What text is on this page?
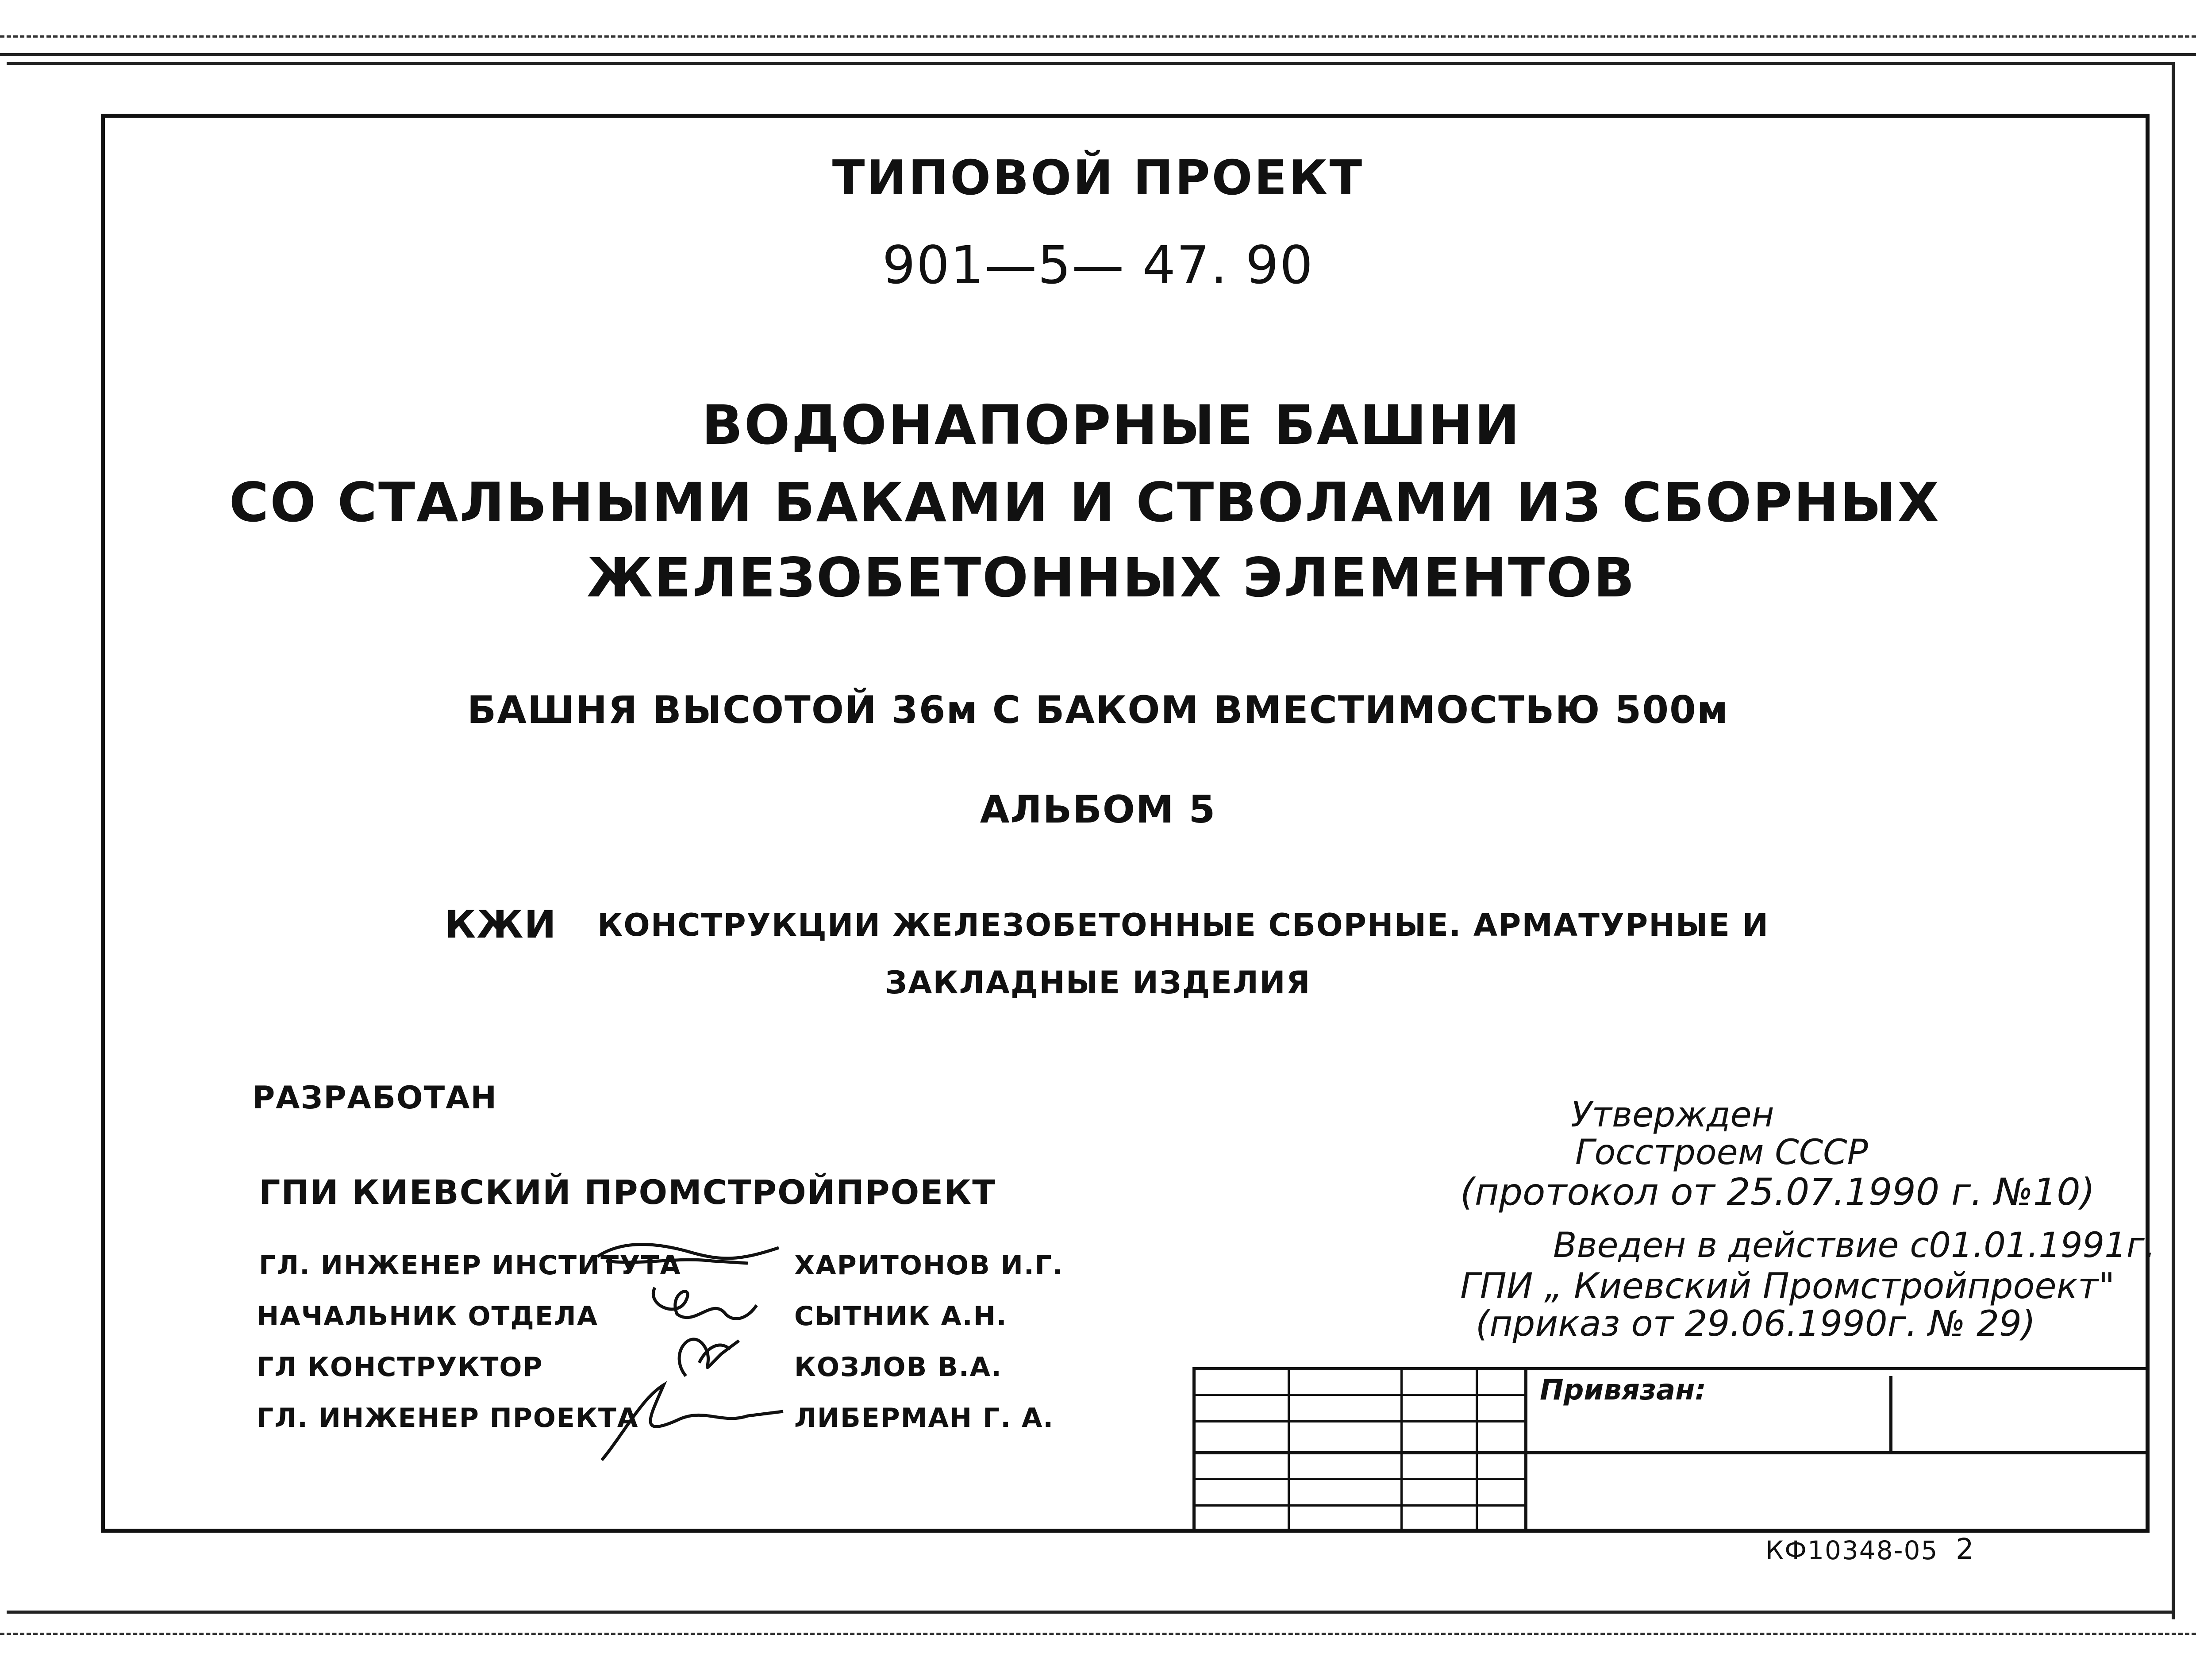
ТИПОВОЙ ПРОЕКТ
901—5— 47. 90
ВОДОНАПОРНЫЕ БАШНИ
СО СТАЛЬНЫМИ БАКАМИ И СТВОЛАМИ ИЗ СБОРНЫХ
ЖЕЛЕЗОБЕТОННЫХ ЭЛЕМЕНТОВ
БАШНЯ ВЫСОТОЙ 36м С БАКОМ ВМЕСТИМОСТЬЮ 500м
АЛЬБОМ 5
КЖИ КОНСТРУКЦИИ ЖЕЛЕЗОБЕТОННЫЕ СБОРНЫЕ. АРМАТУРНЫЕ И
ЗАКЛАДНЫЕ ИЗДЕЛИЯ
РАЗРАБОТАН
ГПИ КИЕВСКИЙ ПРОМСТРОЙПРОЕКТ
ГЛ. ИНЖЕНЕР ИНСТИТУТА
НАЧАЛЬНИК ОТДЕЛА
ГЛ КОНСТРУКТОР
ГЛ. ИНЖЕНЕР ПРОЕКТА
ХАРИТОНОВ И.Г.
СЫТНИК А.Н.
КОЗЛОВ В.А.
ЛИБЕРМАН Г. А.
Утвержден
Госстроем СССР
(протокол от 25.07.1990 г. №10)
Введен в действие с01.01.1991г.
ГПИ „ Киевский Промстройпроект"
(приказ от 29.06.1990г. № 29)
Привязан:
КФ10348-05 2
